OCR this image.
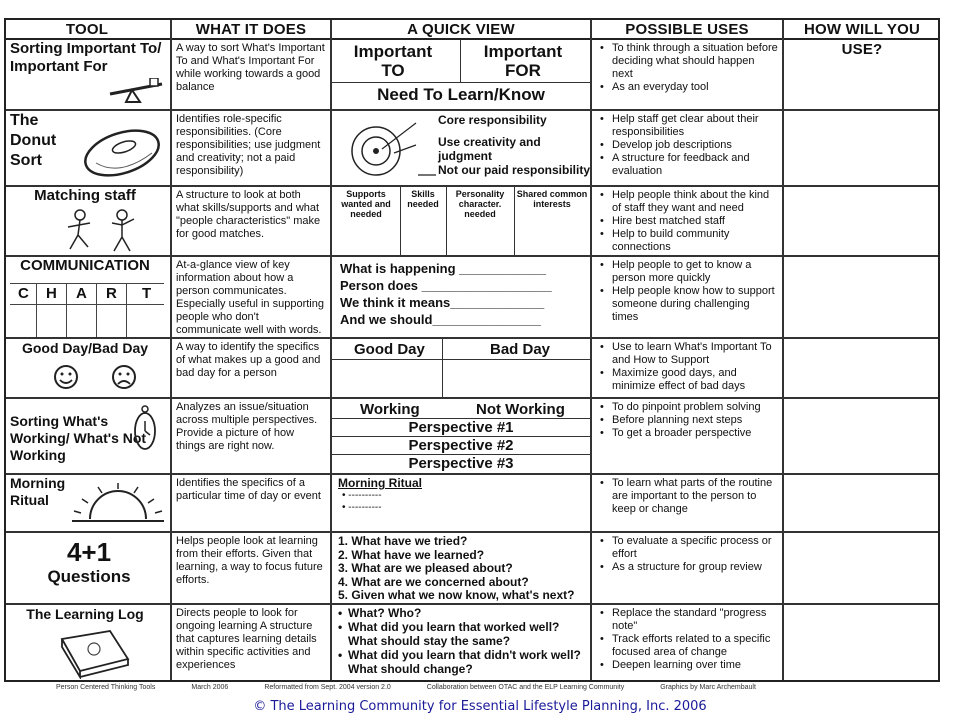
TOOL	WHAT IT DOES	A QUICK VIEW	POSSIBLE USES	HOW WILL YOU USE?
Sorting Important To/ Important For
A way to sort What's Important To and What's Important For while working towards a good balance
Important TO
Important FOR
Need To Learn/Know
• To think through a situation before deciding what should happen next
• As an everyday tool
The Donut Sort
Identifies role-specific responsibilities. (Core responsibilities; use judgment and creativity; not a paid responsibility)
Core responsibility
Use creativity and judgment
Not our paid responsibility
• Help staff get clear about their responsibilities
• Develop job descriptions
• A structure for feedback and evaluation
Matching staff	A structure to look at both what skills/supports and what "people characteristics" make for good matches.
Supports wanted and needed
Skills needed
Personality character. needed
Shared common interests
• Help people think about the kind of staff they want and need
• Hire best matched staff
• Help to build community connections
COMMUNICATION
C H A R T
At-a-glance view of key information about how a person communicates. Especially useful in supporting people who don't communicate well with words.
What is happening ____________
Person does __________________
We think it means_____________
And we should_______________
• Help people to get to know a person more quickly
• Help people know how to support someone during challenging times
Good Day/Bad Day	A way to identify the specifics of what makes up a good and bad day for a person
Good Day	Bad Day
•	Use to learn What's Important To and How to Support
• Maximize good days, and minimize effect of bad days
Sorting What's Working/ What's Not Working
Analyzes an issue/situation across multiple perspectives. Provide a picture of how things are right now.
Working	Not Working
Perspective #1
Perspective #2
Perspective #3
• To do pinpoint problem solving
• Before planning next steps
• To get a broader perspective
Morning Ritual
Identifies the specifics of a particular time of day or event
Morning Ritual
• ----------
• ----------
• To learn what parts of the routine are important to the person to keep or change
4+1
Questions
Helps people look at learning from their efforts. Given that learning, a way to focus future efforts.
1. What have we tried?
2. What have we learned?
3. What are we pleased about?
4. What are we concerned about?
5. Given what we now know, what's next?
• To evaluate a specific process or effort
• As a structure for group review
The Learning Log	Directs people to look for ongoing learning A structure that captures learning details within specific activities and experiences
• What? Who?
• What did you learn that worked well? What should stay the same?
• What did you learn that didn't work well? What should change?
• Replace the standard "progress note"
• Track efforts related to a specific focused area of change
• Deepen learning over time
Person Centered Thinking Tools	March 2006	Reformatted from Sept. 2004 version 2.0	Collaboration between OTAC and the ELP Learning Community	Graphics by Marc Archembault
© The Learning Community for Essential Lifestyle Planning, Inc. 2006
